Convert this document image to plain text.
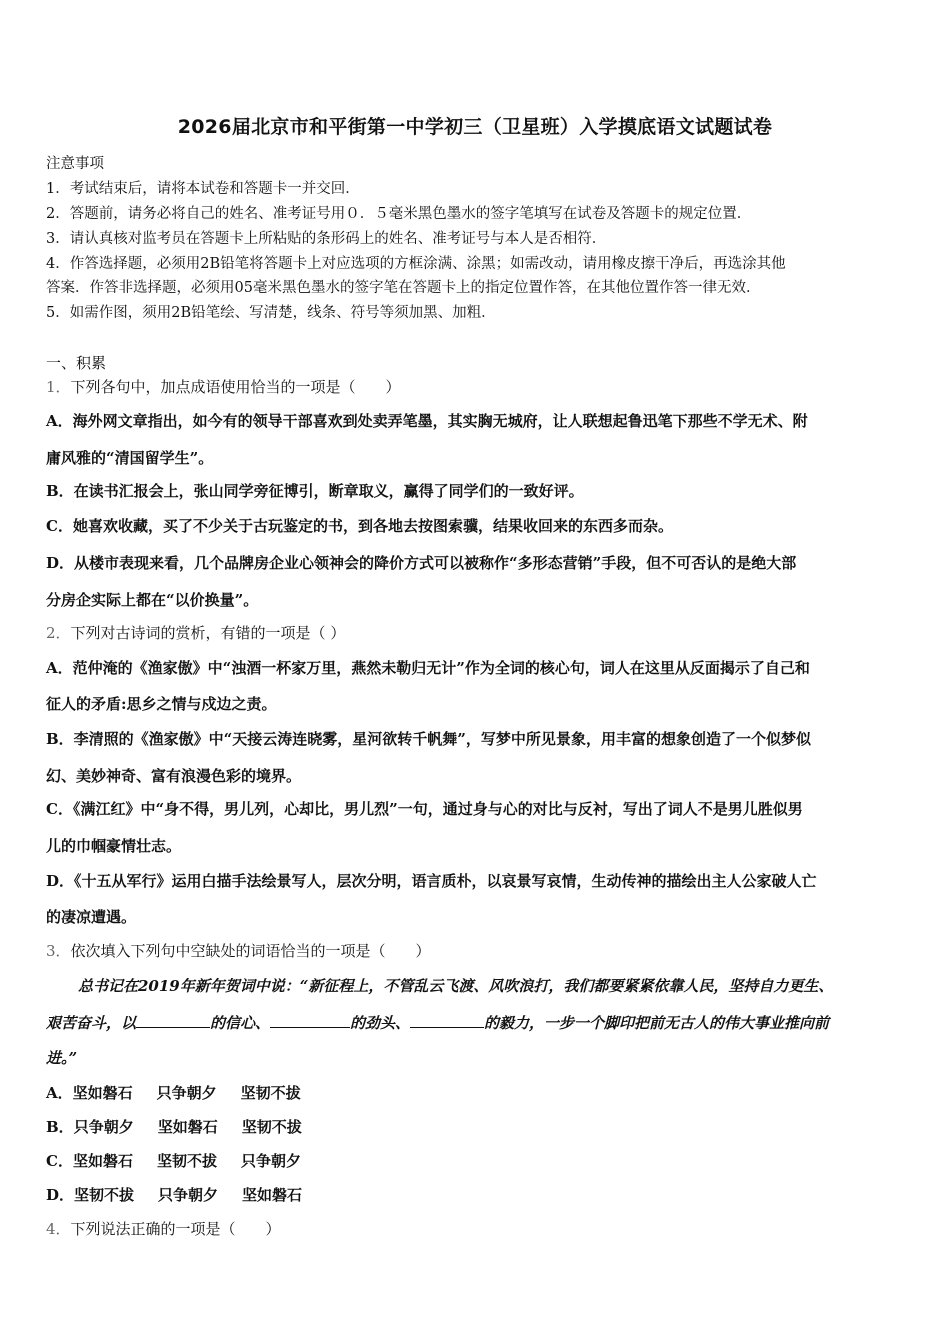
2026届北京市和平街第一中学初三（卫星班）入学摸底语文试题试卷
注意事项
1．考试结束后，请将本试卷和答题卡一并交回．
2．答题前，请务必将自己的姓名、准考证号用０．５毫米黑色墨水的签字笔填写在试卷及答题卡的规定位置．
3．请认真核对监考员在答题卡上所粘贴的条形码上的姓名、准考证号与本人是否相符．
4．作答选择题，必须用2B铅笔将答题卡上对应选项的方框涂满、涂黑；如需改动，请用橡皮擦干净后，再选涂其他
答案．作答非选择题，必须用05毫米黑色墨水的签字笔在答题卡上的指定位置作答，在其他位置作答一律无效．
5．如需作图，须用2B铅笔绘、写清楚，线条、符号等须加黑、加粗．
一、积累
1．下列各句中，加点成语使用恰当的一项是（　　）
A．海外网文章指出，如今有的领导干部喜欢到处卖弄笔墨，其实胸无城府，让人联想起鲁迅笔下那些不学无术、附
庸风雅的“清国留学生”。
B．在读书汇报会上，张山同学旁征博引，断章取义，赢得了同学们的一致好评。
C．她喜欢收藏，买了不少关于古玩鉴定的书，到各地去按图索骥，结果收回来的东西多而杂。
D．从楼市表现来看，几个品牌房企业心领神会的降价方式可以被称作“多形态营销”手段，但不可否认的是绝大部
分房企实际上都在“以价换量”。
2．下列对古诗词的赏析，有错的一项是（ ）
A．范仲淹的《渔家傲》中“浊酒一杯家万里，燕然未勒归无计”作为全词的核心句，词人在这里从反面揭示了自己和
征人的矛盾:思乡之情与戍边之责。
B．李清照的《渔家傲》中“天接云涛连晓雾，星河欲转千帆舞”，写梦中所见景象，用丰富的想象创造了一个似梦似
幻、美妙神奇、富有浪漫色彩的境界。
C．《满江红》中“身不得，男儿列，心却比，男儿烈”一句，通过身与心的对比与反衬，写出了词人不是男儿胜似男
儿的巾帼豪情壮志。
D．《十五从军行》运用白描手法绘景写人，层次分明，语言质朴，以哀景写哀情，生动传神的描绘出主人公家破人亡
的凄凉遭遇。
3．依次填入下列句中空缺处的词语恰当的一项是（　　）
总书记在2019年新年贺词中说：“新征程上，不管乱云飞渡、风吹浪打，我们都要紧紧依靠人民，坚持自力更生、
艰苦奋斗，以	的信心、	的劲头、	的毅力，一步一个脚印把前无古人的伟大事业推向前
进。”
A．坚如磐石 只争朝夕 坚韧不拔
B．只争朝夕 坚如磐石 坚韧不拔
C．坚如磐石 坚韧不拔 只争朝夕
D．坚韧不拔 只争朝夕 坚如磐石
4．下列说法正确的一项是（　　）
